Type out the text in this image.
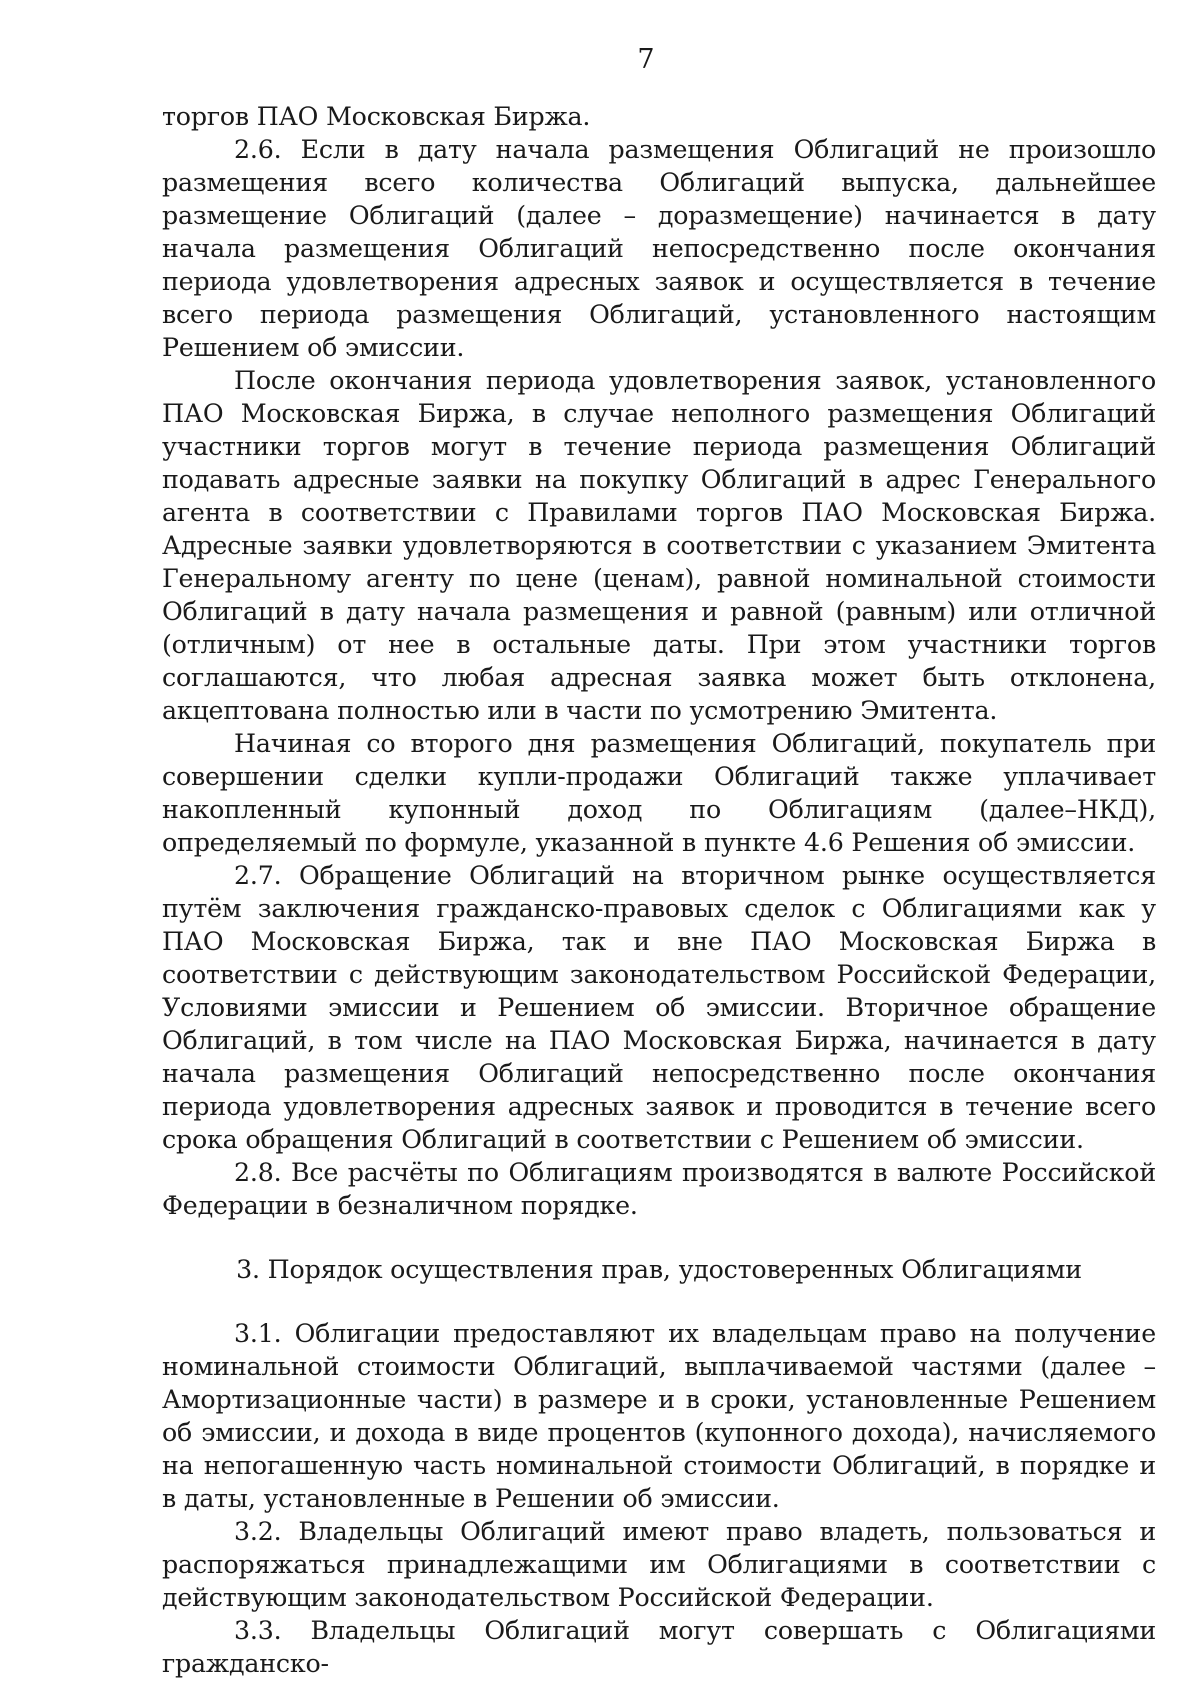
7

торгов ПАО Московская Биржа.

2.6. Если в дату начала размещения Облигаций не произошло размещения всего количества Облигаций выпуска, дальнейшее размещение Облигаций (далее – доразмещение) начинается в дату начала размещения Облигаций непосредственно после окончания периода удовлетворения адресных заявок и осуществляется в течение всего периода размещения Облигаций, установленного настоящим Решением об эмиссии.

После окончания периода удовлетворения заявок, установленного ПАО Московская Биржа, в случае неполного размещения Облигаций участники торгов могут в течение периода размещения Облигаций подавать адресные заявки на покупку Облигаций в адрес Генерального агента в соответствии с Правилами торгов ПАО Московская Биржа. Адресные заявки удовлетворяются в соответствии с указанием Эмитента Генеральному агенту по цене (ценам), равной номинальной стоимости Облигаций в дату начала размещения и равной (равным) или отличной (отличным) от нее в остальные даты. При этом участники торгов соглашаются, что любая адресная заявка может быть отклонена, акцептована полностью или в части по усмотрению Эмитента.

Начиная со второго дня размещения Облигаций, покупатель при совершении сделки купли-продажи Облигаций также уплачивает накопленный купонный доход по Облигациям (далее–НКД), определяемый по формуле, указанной в пункте 4.6 Решения об эмиссии.

2.7. Обращение Облигаций на вторичном рынке осуществляется путём заключения гражданско-правовых сделок с Облигациями как у ПАО Московская Биржа, так и вне ПАО Московская Биржа в соответствии с действующим законодательством Российской Федерации, Условиями эмиссии и Решением об эмиссии. Вторичное обращение Облигаций, в том числе на ПАО Московская Биржа, начинается в дату начала размещения Облигаций непосредственно после окончания периода удовлетворения адресных заявок и проводится в течение всего срока обращения Облигаций в соответствии с Решением об эмиссии.

2.8. Все расчёты по Облигациям производятся в валюте Российской Федерации в безналичном порядке.

3. Порядок осуществления прав, удостоверенных Облигациями

3.1. Облигации предоставляют их владельцам право на получение номинальной стоимости Облигаций, выплачиваемой частями (далее – Амортизационные части) в размере и в сроки, установленные Решением об эмиссии, и дохода в виде процентов (купонного дохода), начисляемого на непогашенную часть номинальной стоимости Облигаций, в порядке и в даты, установленные в Решении об эмиссии.

3.2. Владельцы Облигаций имеют право владеть, пользоваться и распоряжаться принадлежащими им Облигациями в соответствии с действующим законодательством Российской Федерации.

3.3. Владельцы Облигаций могут совершать с Облигациями гражданско-
